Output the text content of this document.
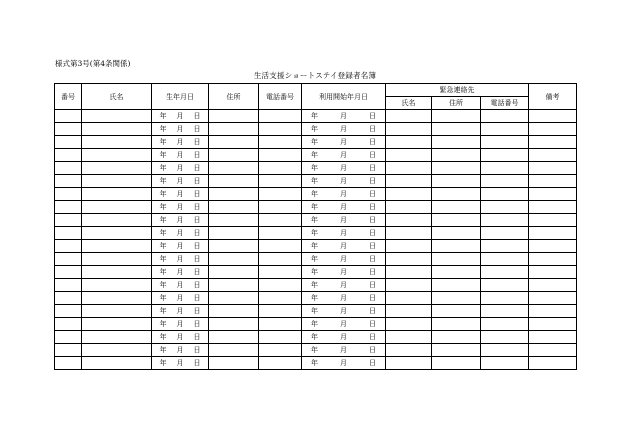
様式第3号(第4条関係)
生活支援ショートステイ登録者名簿
番号	氏名	生年月日	住所	電話番号	利用開始年月日	緊急連絡先			備考
						氏名	住所	電話番号	
		年 月 日			年 月 日				
		年 月 日			年 月 日				
		年 月 日			年 月 日				
		年 月 日			年 月 日				
		年 月 日			年 月 日				
		年 月 日			年 月 日				
		年 月 日			年 月 日				
		年 月 日			年 月 日				
		年 月 日			年 月 日				
		年 月 日			年 月 日				
		年 月 日			年 月 日				
		年 月 日			年 月 日				
		年 月 日			年 月 日				
		年 月 日			年 月 日				
		年 月 日			年 月 日				
		年 月 日			年 月 日				
		年 月 日			年 月 日				
		年 月 日			年 月 日				
		年 月 日			年 月 日				
		年 月 日			年 月 日				
